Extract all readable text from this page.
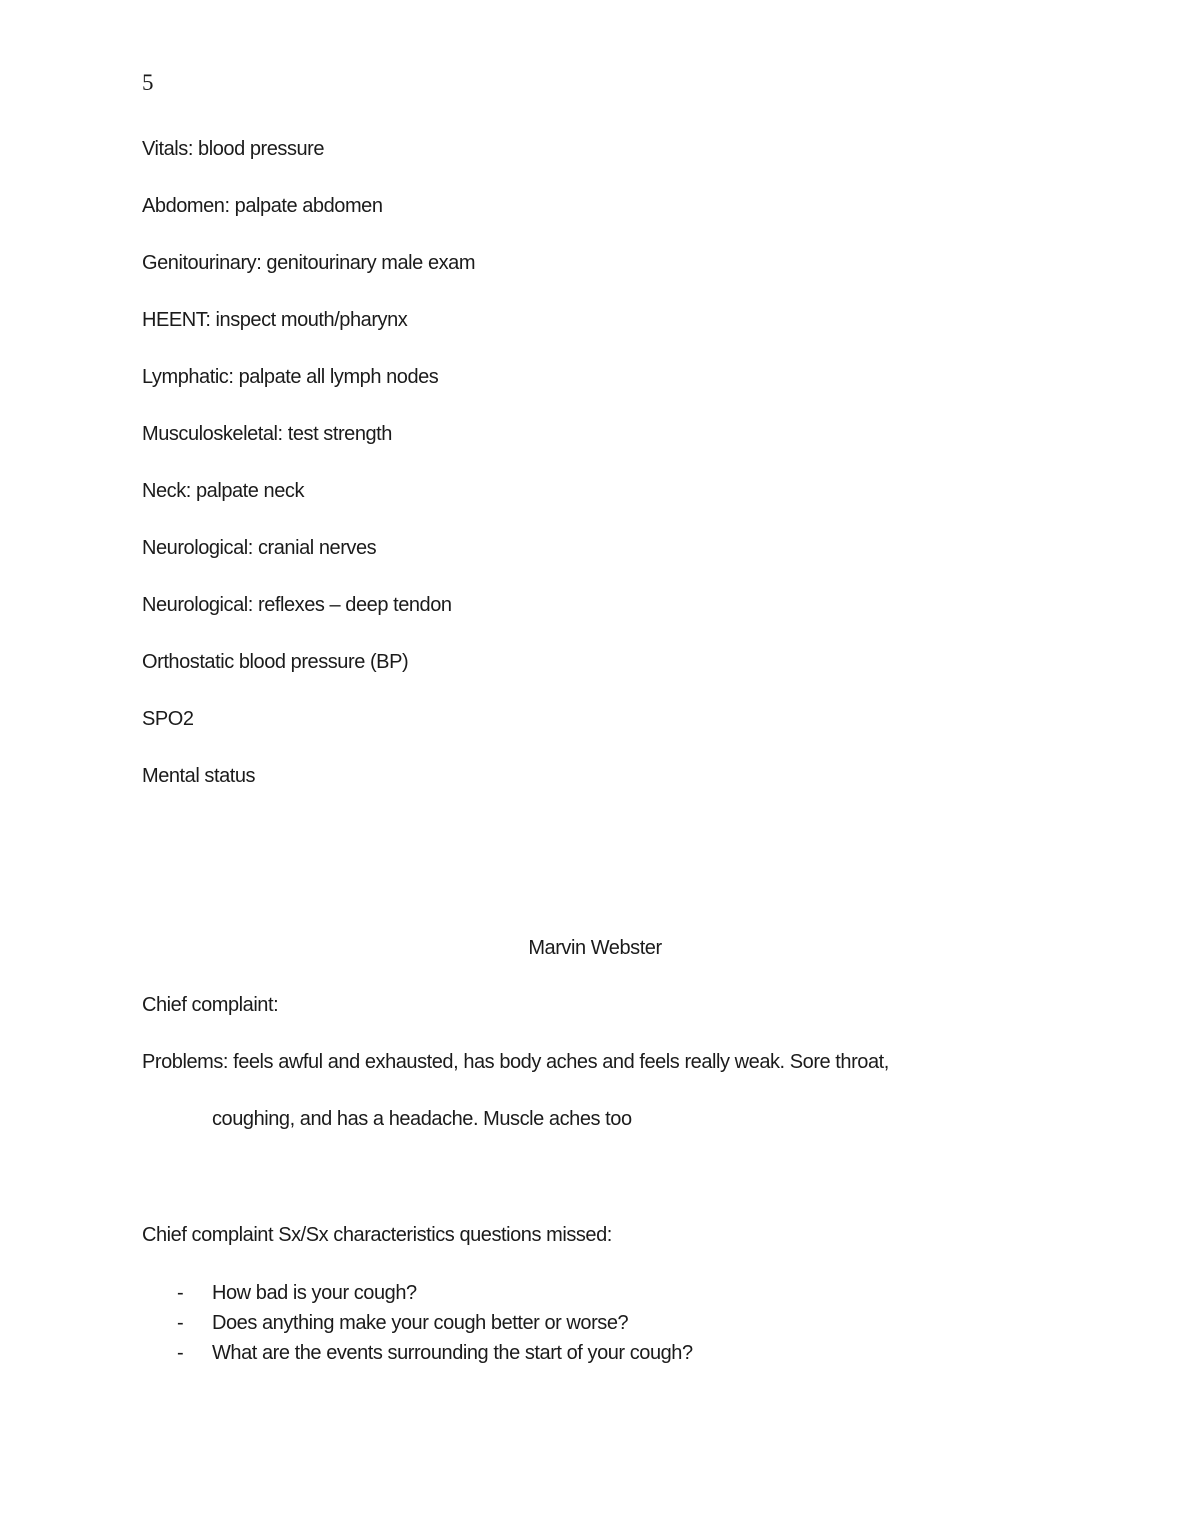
5

Vitals: blood pressure

Abdomen: palpate abdomen

Genitourinary: genitourinary male exam

HEENT: inspect mouth/pharynx

Lymphatic: palpate all lymph nodes

Musculoskeletal: test strength

Neck: palpate neck

Neurological: cranial nerves

Neurological: reflexes – deep tendon

Orthostatic blood pressure (BP)

SPO2

Mental status

Marvin Webster

Chief complaint:

Problems: feels awful and exhausted, has body aches and feels really weak. Sore throat,

coughing, and has a headache. Muscle aches too

Chief complaint Sx/Sx characteristics questions missed:

-	How bad is your cough?
-	Does anything make your cough better or worse?
-	What are the events surrounding the start of your cough?
